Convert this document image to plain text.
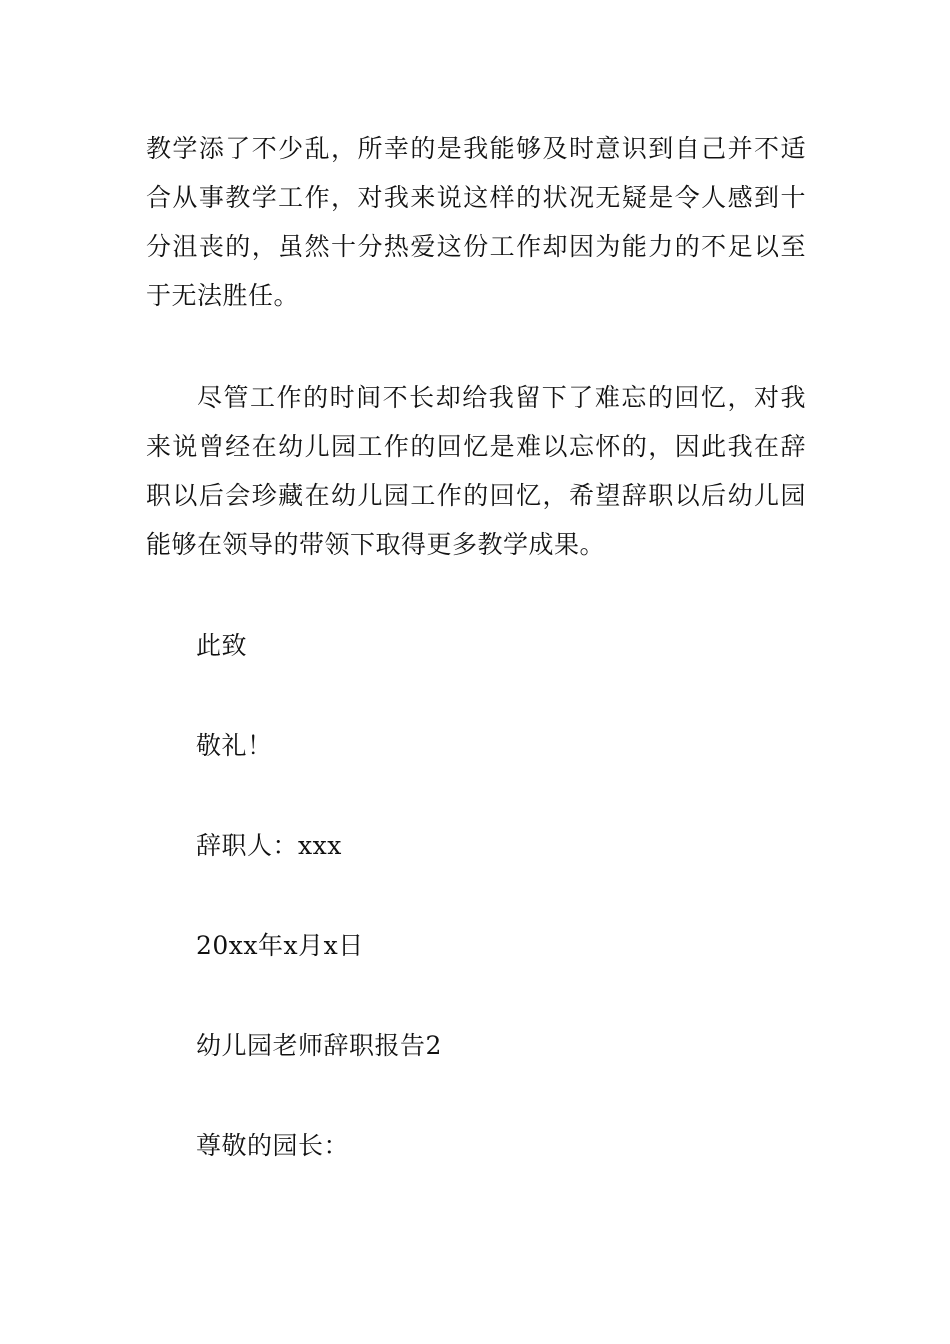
教学添了不少乱，所幸的是我能够及时意识到自己并不适合从事教学工作，对我来说这样的状况无疑是令人感到十分沮丧的，虽然十分热爱这份工作却因为能力的不足以至于无法胜任。

尽管工作的时间不长却给我留下了难忘的回忆，对我来说曾经在幼儿园工作的回忆是难以忘怀的，因此我在辞职以后会珍藏在幼儿园工作的回忆，希望辞职以后幼儿园能够在领导的带领下取得更多教学成果。

此致

敬礼！

辞职人：xxx

20xx年x月x日

幼儿园老师辞职报告2

尊敬的园长：
